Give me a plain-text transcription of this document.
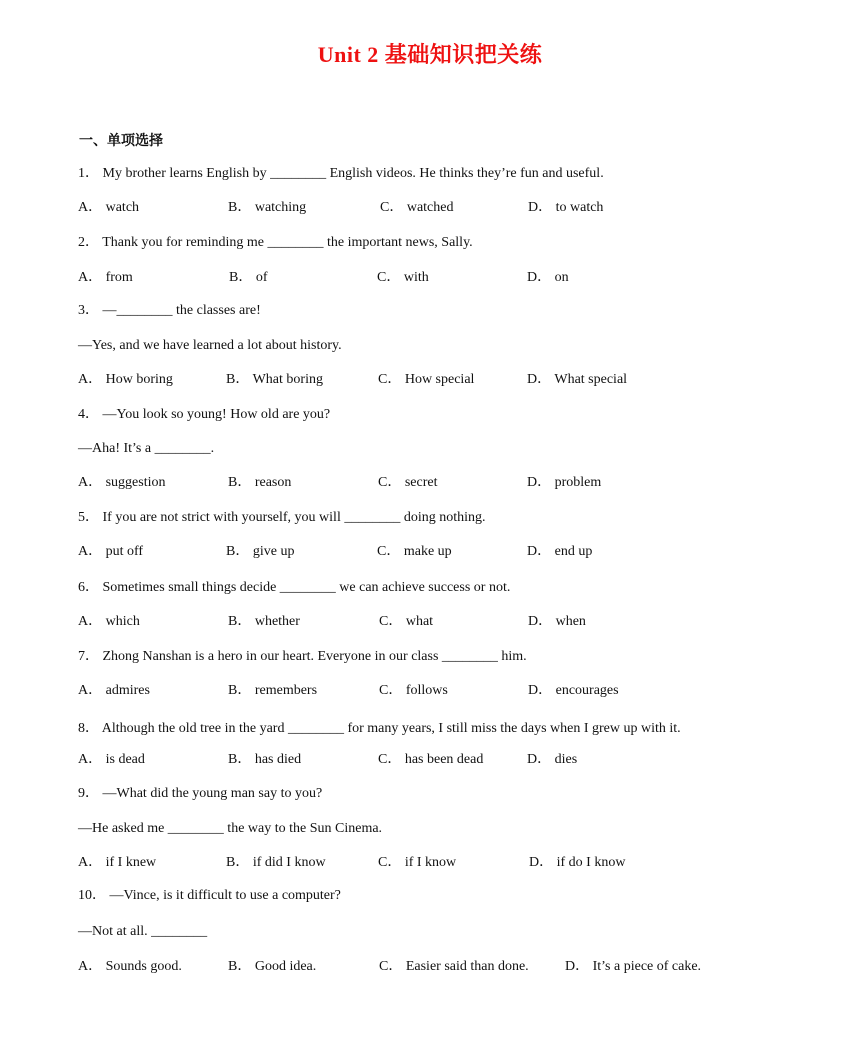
Unit 2 基础知识把关练
一、单项选择
1． My brother learns English by ________ English videos. He thinks they’re fun and useful.
A． watch	B． watching	C． watched	D． to watch
2． Thank you for reminding me ________ the important news, Sally.
A． from	B． of	C． with	D． on
3． —________ the classes are!
—Yes, and we have learned a lot about history.
A． How boring	B． What boring	C． How special	D． What special
4． —You look so young! How old are you?
—Aha! It’s a ________.
A． suggestion	B． reason	C． secret	D． problem
5． If you are not strict with yourself, you will ________ doing nothing.
A． put off	B． give up	C． make up	D． end up
6． Sometimes small things decide ________ we can achieve success or not.
A． which	B． whether	C． what	D． when
7． Zhong Nanshan is a hero in our heart. Everyone in our class ________ him.
A． admires	B． remembers	C． follows	D． encourages
8． Although the old tree in the yard ________ for many years, I still miss the days when I grew up with it.
A． is dead	B． has died	C． has been dead	D． dies
9． —What did the young man say to you?
—He asked me ________ the way to the Sun Cinema.
A． if I knew	B． if did I know	C． if I know	D． if do I know
10． —Vince, is it difficult to use a computer?
—Not at all. ________
A． Sounds good.	B． Good idea.	C． Easier said than done.	D． It’s a piece of cake.
